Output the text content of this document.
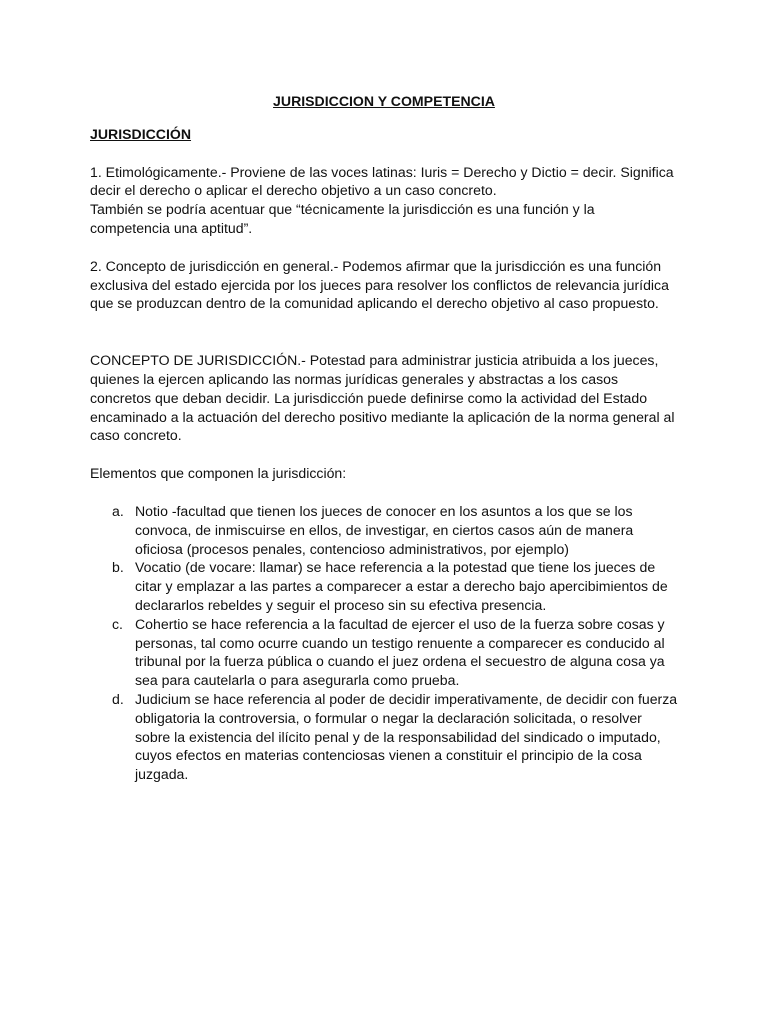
JURISDICCION Y COMPETENCIA
JURISDICCIÓN

1. Etimológicamente.- Proviene de las voces latinas: Iuris = Derecho y Dictio = decir. Significa decir el derecho o aplicar el derecho objetivo a un caso concreto.

También se podría acentuar que “técnicamente la jurisdicción es una función y la competencia una aptitud”.

2. Concepto de jurisdicción en general.- Podemos afirmar que la jurisdicción es una función exclusiva del estado ejercida por los jueces para resolver los conflictos de relevancia jurídica que se produzcan dentro de la comunidad aplicando el derecho objetivo al caso propuesto.

CONCEPTO DE JURISDICCIÓN.- Potestad para administrar justicia atribuida a los jueces, quienes la ejercen aplicando las normas jurídicas generales y abstractas a los casos concretos que deban decidir. La jurisdicción puede definirse como la actividad del Estado encaminado a la actuación del derecho positivo mediante la aplicación de la norma general al caso concreto.

Elementos que componen la jurisdicción:

a. Notio -facultad que tienen los jueces de conocer en los asuntos a los que se los convoca, de inmiscuirse en ellos, de investigar, en ciertos casos aún de manera oficiosa (procesos penales, contencioso administrativos, por ejemplo)
b. Vocatio (de vocare: llamar) se hace referencia a la potestad que tiene los jueces de citar y emplazar a las partes a comparecer a estar a derecho bajo apercibimientos de declararlos rebeldes y seguir el proceso sin su efectiva presencia.
c. Cohertio se hace referencia a la facultad de ejercer el uso de la fuerza sobre cosas y personas, tal como ocurre cuando un testigo renuente a comparecer es conducido al tribunal por la fuerza pública o cuando el juez ordena el secuestro de alguna cosa ya sea para cautelarla o para asegurarla como prueba.
d. Judicium se hace referencia al poder de decidir imperativamente, de decidir con fuerza obligatoria la controversia, o formular o negar la declaración solicitada, o resolver sobre la existencia del ilícito penal y de la responsabilidad del sindicado o imputado, cuyos efectos en materias contenciosas vienen a constituir el principio de la cosa juzgada.
